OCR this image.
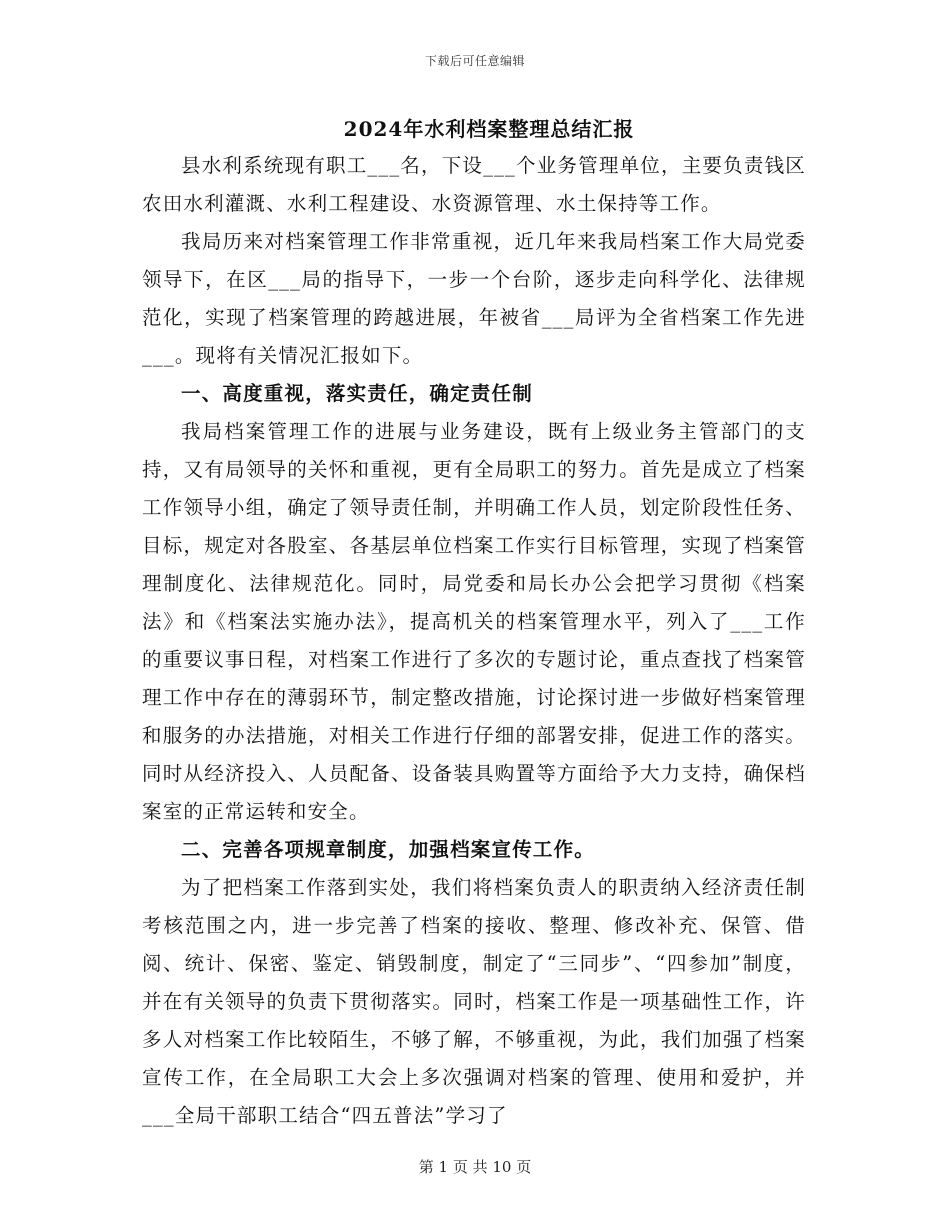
下载后可任意编辑
2024年水利档案整理总结汇报

县水利系统现有职工___名，下设___个业务管理单位，主要负责钱区农田水利灌溉、水利工程建设、水资源管理、水土保持等工作。

我局历来对档案管理工作非常重视，近几年来我局档案工作大局党委领导下，在区___局的指导下，一步一个台阶，逐步走向科学化、法律规范化，实现了档案管理的跨越进展，年被省___局评为全省档案工作先进___。现将有关情况汇报如下。

一、高度重视，落实责任，确定责任制

我局档案管理工作的进展与业务建设，既有上级业务主管部门的支持，又有局领导的关怀和重视，更有全局职工的努力。首先是成立了档案工作领导小组，确定了领导责任制，并明确工作人员，划定阶段性任务、目标，规定对各股室、各基层单位档案工作实行目标管理，实现了档案管理制度化、法律规范化。同时，局党委和局长办公会把学习贯彻《档案法》和《档案法实施办法》，提高机关的档案管理水平，列入了___工作的重要议事日程，对档案工作进行了多次的专题讨论，重点查找了档案管理工作中存在的薄弱环节，制定整改措施，讨论探讨进一步做好档案管理和服务的办法措施，对相关工作进行仔细的部署安排，促进工作的落实。同时从经济投入、人员配备、设备装具购置等方面给予大力支持，确保档案室的正常运转和安全。

二、完善各项规章制度，加强档案宣传工作。

为了把档案工作落到实处，我们将档案负责人的职责纳入经济责任制考核范围之内，进一步完善了档案的接收、整理、修改补充、保管、借阅、统计、保密、鉴定、销毁制度，制定了“三同步”、“四参加”制度，并在有关领导的负责下贯彻落实。同时，档案工作是一项基础性工作，许多人对档案工作比较陌生，不够了解，不够重视，为此，我们加强了档案宣传工作，在全局职工大会上多次强调对档案的管理、使用和爱护，并___全局干部职工结合“四五普法”学习了

第 1 页 共 10 页
